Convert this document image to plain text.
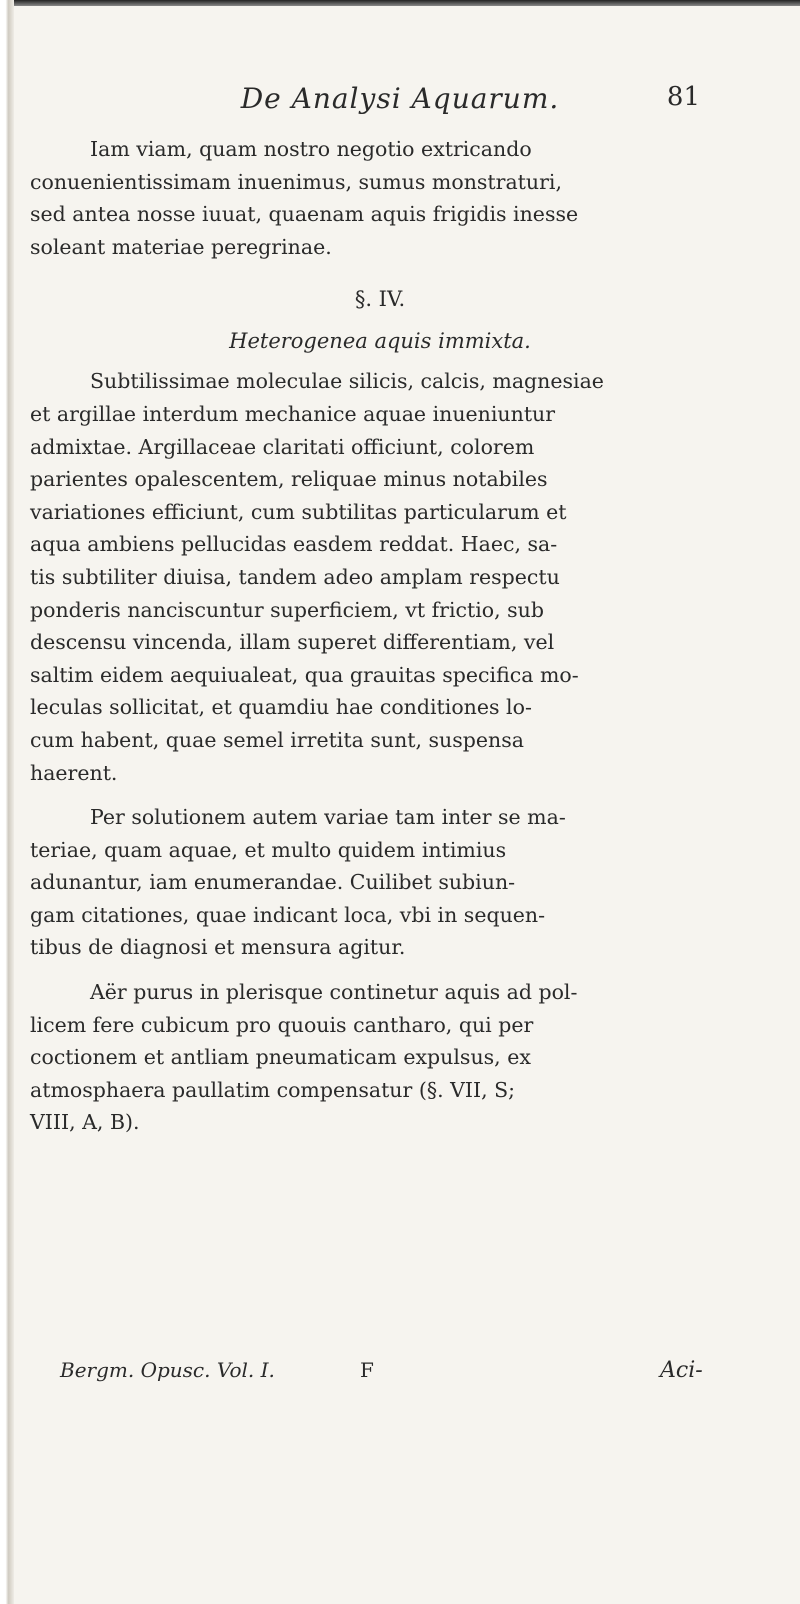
De Analysi Aquarum.	81
Iam viam, quam nostro negotio extricando
conuenientissimam inuenimus, sumus monstraturi,
sed antea nosse iuuat, quaenam aquis frigidis inesse
soleant materiae peregrinae.
§. IV.
Heterogenea aquis immixta.
Subtilissimae moleculae silicis, calcis, magnesiae
et argillae interdum mechanice aquae inueniuntur
admixtae. Argillaceae claritati officiunt, colorem
parientes opalescentem, reliquae minus notabiles
variationes efficiunt, cum subtilitas particularum et
aqua ambiens pellucidas easdem reddat. Haec, sa-
tis subtiliter diuisa, tandem adeo amplam respectu
ponderis nanciscuntur superficiem, vt frictio, sub
descensu vincenda, illam superet differentiam, vel
saltim eidem aequiualeat, qua grauitas specifica mo-
leculas sollicitat, et quamdiu hae conditiones lo-
cum habent, quae semel irretita sunt, suspensa
haerent.
Per solutionem autem variae tam inter se ma-
teriae, quam aquae, et multo quidem intimius
adunantur, iam enumerandae. Cuilibet subiun-
gam citationes, quae indicant loca, vbi in sequen-
tibus de diagnosi et mensura agitur.
Aër purus in plerisque continetur aquis ad pol-
licem fere cubicum pro quouis cantharo, qui per
coctionem et antliam pneumaticam expulsus, ex
atmosphaera paullatim compensatur (§. VII, S;
VIII, A, B).
Bergm. Opusc. Vol. I.	F	Aci-
